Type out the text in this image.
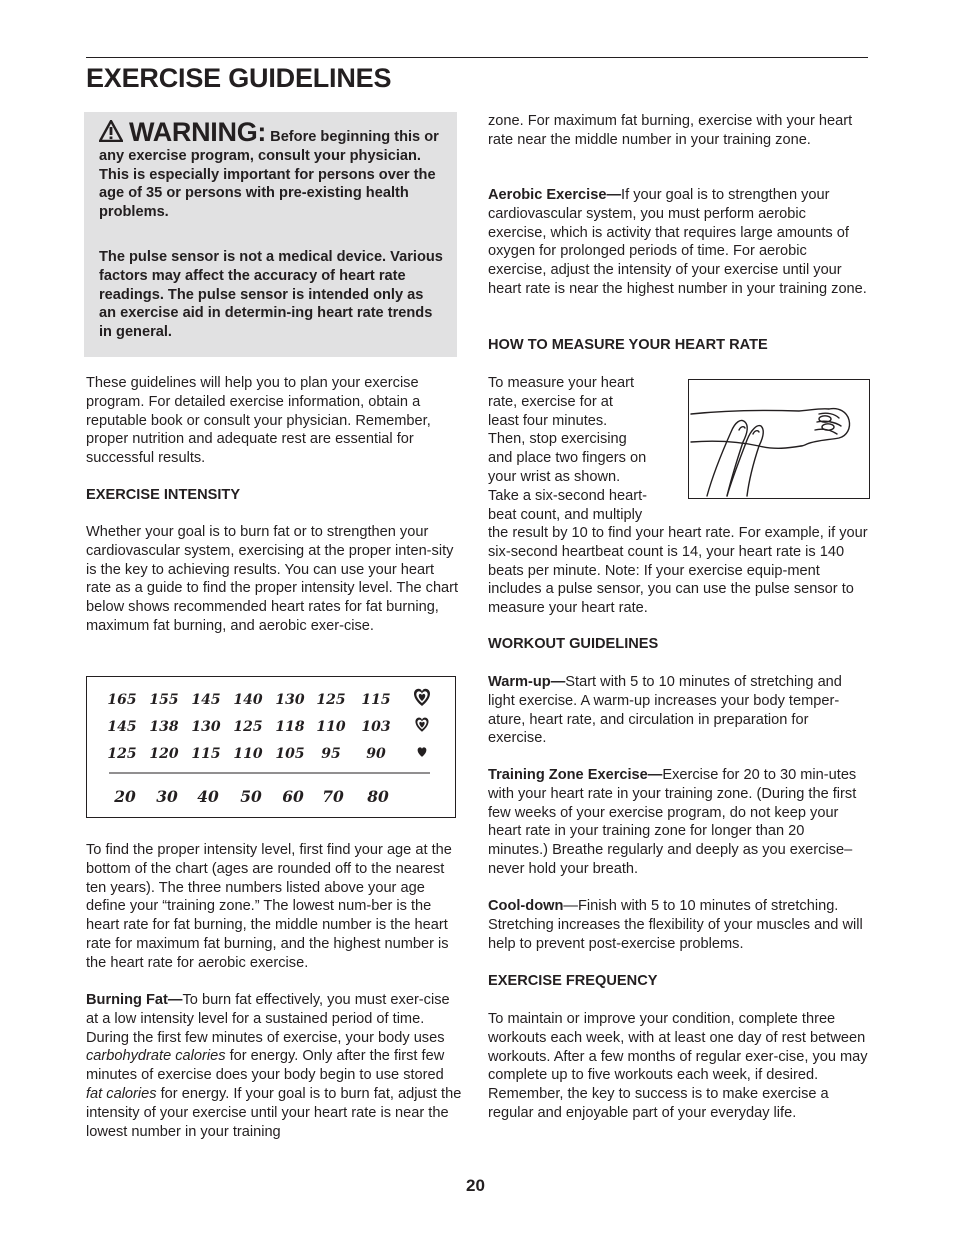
EXERCISE GUIDELINES
WARNING: Before beginning this or any exercise program, consult your physician. This is especially important for persons over the age of 35 or persons with pre-existing health problems.

The pulse sensor is not a medical device. Various factors may affect the accuracy of heart rate readings. The pulse sensor is intended only as an exercise aid in determin-ing heart rate trends in general.

These guidelines will help you to plan your exercise program. For detailed exercise information, obtain a reputable book or consult your physician. Remember, proper nutrition and adequate rest are essential for successful results.

EXERCISE INTENSITY

Whether your goal is to burn fat or to strengthen your cardiovascular system, exercising at the proper inten-sity is the key to achieving results. You can use your heart rate as a guide to find the proper intensity level. The chart below shows recommended heart rates for fat burning, maximum fat burning, and aerobic exer-cise.

165 155 145 140 130 125 115
145 138 130 125 118 110 103
125 120 115 110 105 95 90
20 30 40 50 60 70 80

To find the proper intensity level, first find your age at the bottom of the chart (ages are rounded off to the nearest ten years). The three numbers listed above your age define your “training zone.” The lowest num-ber is the heart rate for fat burning, the middle number is the heart rate for maximum fat burning, and the highest number is the heart rate for aerobic exercise.

Burning Fat—To burn fat effectively, you must exer-cise at a low intensity level for a sustained period of time. During the first few minutes of exercise, your body uses carbohydrate calories for energy. Only after the first few minutes of exercise does your body begin to use stored fat calories for energy. If your goal is to burn fat, adjust the intensity of your exercise until your heart rate is near the lowest number in your training

zone. For maximum fat burning, exercise with your heart rate near the middle number in your training zone.

Aerobic Exercise—If your goal is to strengthen your cardiovascular system, you must perform aerobic exercise, which is activity that requires large amounts of oxygen for prolonged periods of time. For aerobic exercise, adjust the intensity of your exercise until your heart rate is near the highest number in your training zone.

HOW TO MEASURE YOUR HEART RATE

To measure your heart
rate, exercise for at
least four minutes.
Then, stop exercising
and place two fingers on
your wrist as shown.
Take a six-second heart-
beat count, and multiply

the result by 10 to find your heart rate. For example, if your six-second heartbeat count is 14, your heart rate is 140 beats per minute. Note: If your exercise equip-ment includes a pulse sensor, you can use the pulse sensor to measure your heart rate.

WORKOUT GUIDELINES

Warm-up—Start with 5 to 10 minutes of stretching and light exercise. A warm-up increases your body temper-ature, heart rate, and circulation in preparation for exercise.

Training Zone Exercise—Exercise for 20 to 30 min-utes with your heart rate in your training zone. (During the first few weeks of your exercise program, do not keep your heart rate in your training zone for longer than 20 minutes.) Breathe regularly and deeply as you exercise–never hold your breath.

Cool-down—Finish with 5 to 10 minutes of stretching. Stretching increases the flexibility of your muscles and will help to prevent post-exercise problems.

EXERCISE FREQUENCY

To maintain or improve your condition, complete three workouts each week, with at least one day of rest between workouts. After a few months of regular exer-cise, you may complete up to five workouts each week, if desired. Remember, the key to success is to make exercise a regular and enjoyable part of your everyday life.

20
